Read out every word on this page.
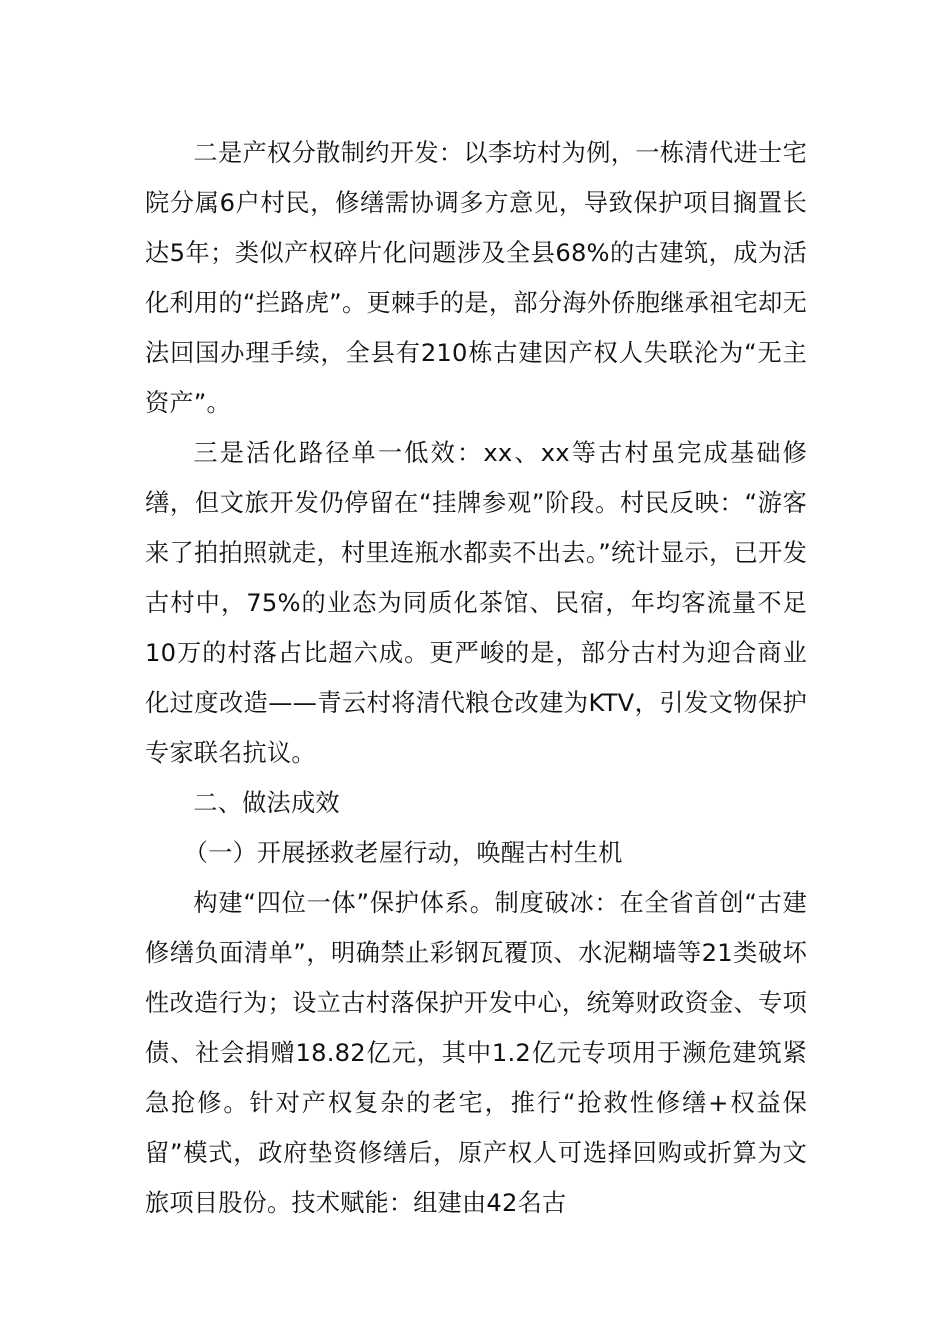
二是产权分散制约开发：以李坊村为例，一栋清代进士宅院分属6户村民，修缮需协调多方意见，导致保护项目搁置长达5年；类似产权碎片化问题涉及全县68%的古建筑，成为活化利用的“拦路虎”。更棘手的是，部分海外侨胞继承祖宅却无法回国办理手续，全县有210栋古建因产权人失联沦为“无主资产”。

三是活化路径单一低效：xx、xx等古村虽完成基础修缮，但文旅开发仍停留在“挂牌参观”阶段。村民反映：“游客来了拍拍照就走，村里连瓶水都卖不出去。”统计显示，已开发古村中，75%的业态为同质化茶馆、民宿，年均客流量不足10万的村落占比超六成。更严峻的是，部分古村为迎合商业化过度改造——青云村将清代粮仓改建为KTV，引发文物保护专家联名抗议。

二、做法成效

（一）开展拯救老屋行动，唤醒古村生机

构建“四位一体”保护体系。制度破冰：在全省首创“古建修缮负面清单”，明确禁止彩钢瓦覆顶、水泥糊墙等21类破坏性改造行为；设立古村落保护开发中心，统筹财政资金、专项债、社会捐赠18.82亿元，其中1.2亿元专项用于濒危建筑紧急抢修。针对产权复杂的老宅，推行“抢救性修缮+权益保留”模式，政府垫资修缮后，原产权人可选择回购或折算为文旅项目股份。技术赋能：组建由42名古
